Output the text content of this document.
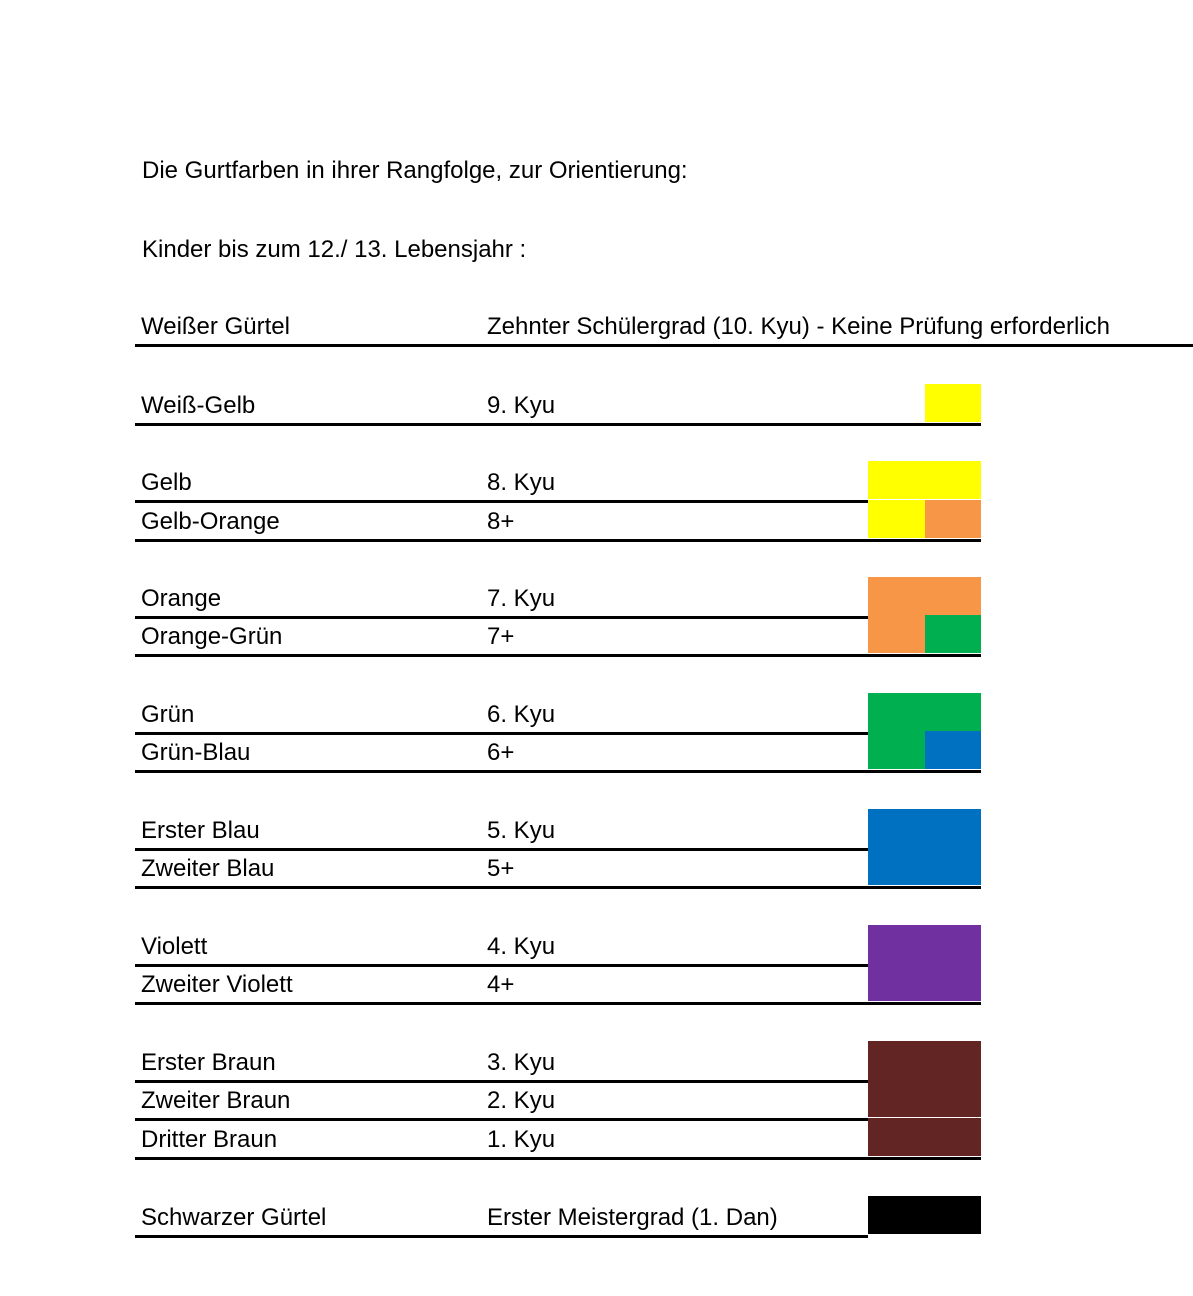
Die Gurtfarben in ihrer Rangfolge, zur Orientierung:
Kinder bis zum 12./ 13. Lebensjahr :
Weißer Gürtel	Zehnter Schülergrad (10. Kyu) - Keine Prüfung erforderlich
Weiß-Gelb	9. Kyu
Gelb	8. Kyu
Gelb-Orange	8+
Orange	7. Kyu
Orange-Grün	7+
Grün	6. Kyu
Grün-Blau	6+
Erster Blau	5. Kyu
Zweiter Blau	5+
Violett	4. Kyu
Zweiter Violett	4+
Erster Braun	3. Kyu
Zweiter Braun	2. Kyu
Dritter Braun	1. Kyu
Schwarzer Gürtel	Erster Meistergrad (1. Dan)
